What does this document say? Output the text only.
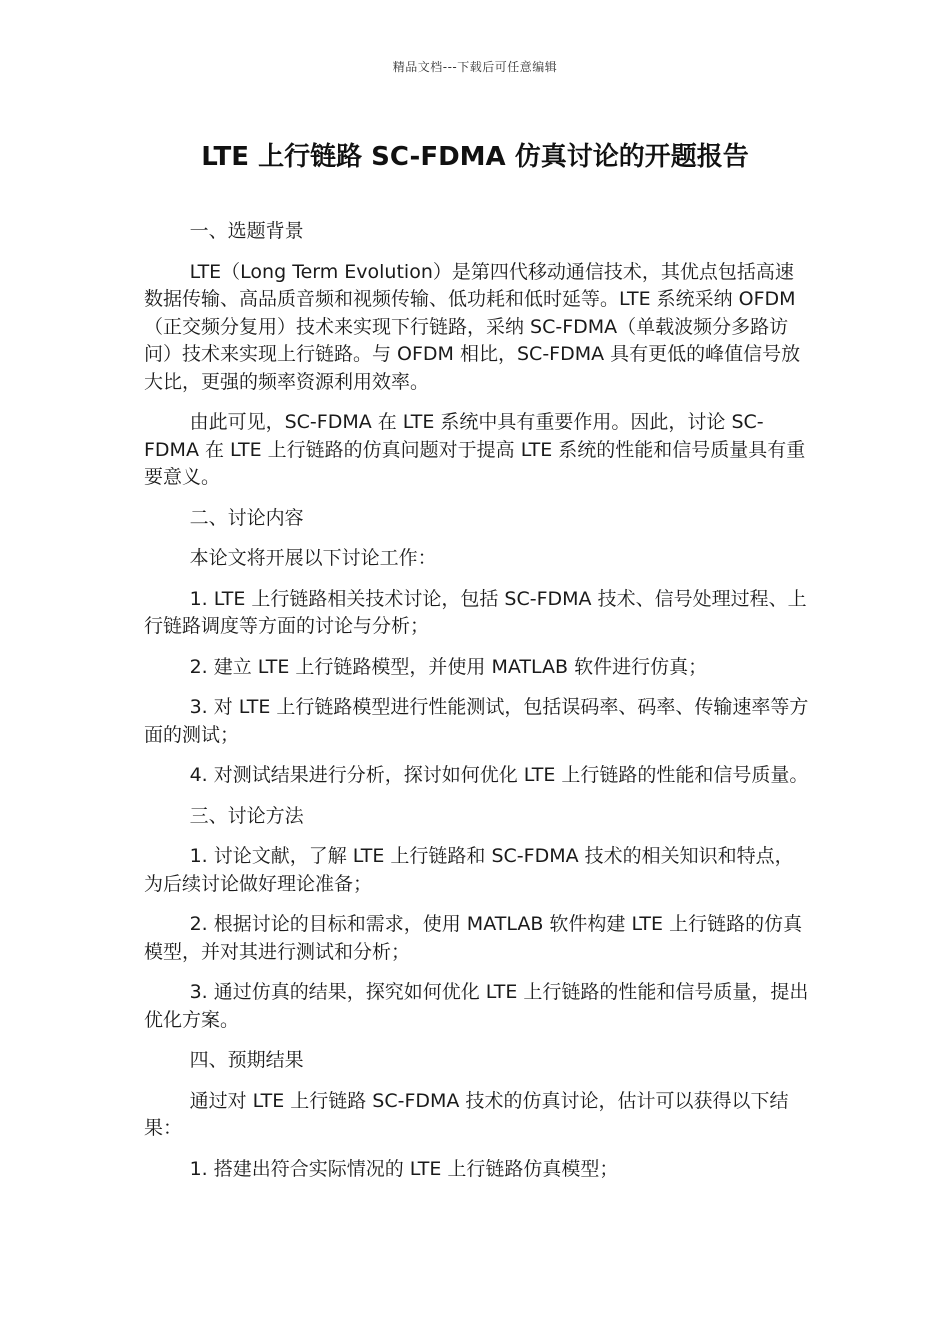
精品文档---下载后可任意编辑
LTE 上行链路 SC-FDMA 仿真讨论的开题报告

一、选题背景

LTE（Long Term Evolution）是第四代移动通信技术，其优点包括高速数据传输、高品质音频和视频传输、低功耗和低时延等。LTE 系统采纳 OFDM（正交频分复用）技术来实现下行链路，采纳 SC-FDMA（单载波频分多路访问）技术来实现上行链路。与 OFDM 相比，SC-FDMA 具有更低的峰值信号放大比，更强的频率资源利用效率。

由此可见，SC-FDMA 在 LTE 系统中具有重要作用。因此，讨论 SC-FDMA 在 LTE 上行链路的仿真问题对于提高 LTE 系统的性能和信号质量具有重要意义。

二、讨论内容

本论文将开展以下讨论工作：

1. LTE 上行链路相关技术讨论，包括 SC-FDMA 技术、信号处理过程、上行链路调度等方面的讨论与分析；

2. 建立 LTE 上行链路模型，并使用 MATLAB 软件进行仿真；

3. 对 LTE 上行链路模型进行性能测试，包括误码率、码率、传输速率等方面的测试；

4. 对测试结果进行分析，探讨如何优化 LTE 上行链路的性能和信号质量。

三、讨论方法

1. 讨论文献，了解 LTE 上行链路和 SC-FDMA 技术的相关知识和特点，为后续讨论做好理论准备；

2. 根据讨论的目标和需求，使用 MATLAB 软件构建 LTE 上行链路的仿真模型，并对其进行测试和分析；

3. 通过仿真的结果，探究如何优化 LTE 上行链路的性能和信号质量，提出优化方案。

四、预期结果

通过对 LTE 上行链路 SC-FDMA 技术的仿真讨论，估计可以获得以下结果：

1. 搭建出符合实际情况的 LTE 上行链路仿真模型；
